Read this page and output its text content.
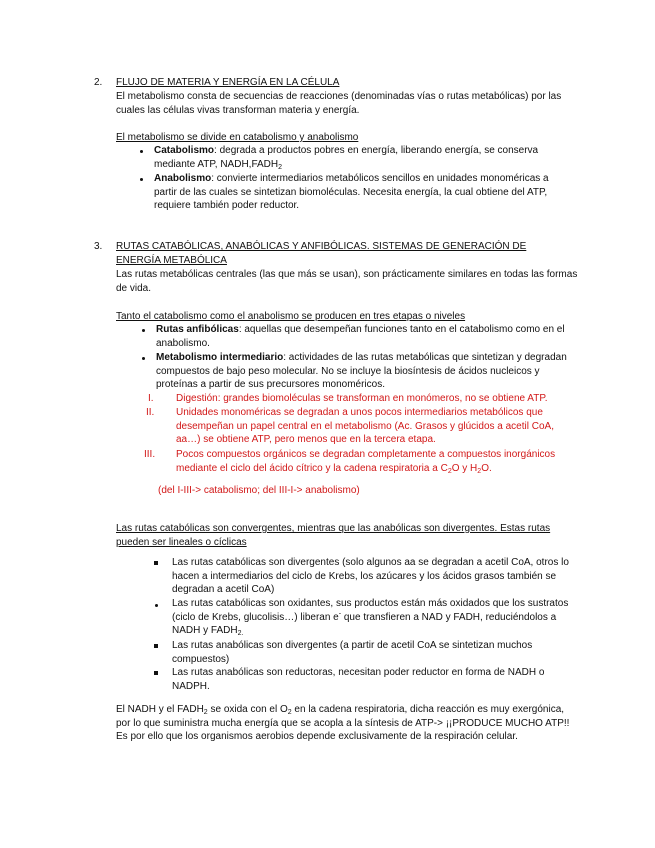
2. FLUJO DE MATERIA Y ENERGÍA EN LA CÉLULA
El metabolismo consta de secuencias de reacciones (denominadas vías o rutas metabólicas) por las cuales las células vivas transforman materia y energía.
El metabolismo se divide en catabolismo y anabolismo
Catabolismo: degrada a productos pobres en energía, liberando energía, se conserva mediante ATP, $NADH,FADH_2$
Anabolismo: convierte intermediarios metabólicos sencillos en unidades monoméricas a partir de las cuales se sintetizan biomoléculas. Necesita energía, la cual obtiene del ATP, requiere también poder reductor.
3. RUTAS CATABÓLICAS, ANABÓLICAS Y ANFIBÓLICAS. SISTEMAS DE GENERACIÓN DE ENERGÍA METABÓLICA
Las rutas metabólicas centrales (las que más se usan), son prácticamente similares en todas las formas de vida.
Tanto el catabolismo como el anabolismo se producen en tres etapas o niveles
Rutas anfibólicas: aquellas que desempeñan funciones tanto en el catabolismo como en el anabolismo.
Metabolismo intermediario: actividades de las rutas metabólicas que sintetizan y degradan compuestos de bajo peso molecular. No se incluye la biosíntesis de ácidos nucleicos y proteínas a partir de sus precursores monoméricos.
I. Digestión: grandes biomoléculas se transforman en monómeros, no se obtiene ATP.
II. Unidades monoméricas se degradan a unos pocos intermediarios metabólicos que desempeñan un papel central en el metabolismo (Ac. Grasos y glúcidos a acetil CoA, aa…) se obtiene ATP, pero menos que en la tercera etapa.
III. Pocos compuestos orgánicos se degradan completamente a compuestos inorgánicos mediante el ciclo del ácido cítrico y la cadena respiratoria a $C_2O$ y $H_2O$.
(del I-III-> catabolismo; del III-I-> anabolismo)
Las rutas catabólicas son convergentes, mientras que las anabólicas son divergentes. Estas rutas pueden ser lineales o cíclicas
Las rutas catabólicas son divergentes (solo algunos aa se degradan a acetil CoA, otros lo hacen a intermediarios del ciclo de Krebs, los azúcares y los ácidos grasos también se degradan a acetil CoA)
Las rutas catabólicas son oxidantes, sus productos están más oxidados que los sustratos (ciclo de Krebs, glucolisis…) liberan e- que transfieren a NAD y FADH, reduciéndolos a NADH y $FADH_{2.}$
Las rutas anabólicas son divergentes (a partir de acetil CoA se sintetizan muchos compuestos)
Las rutas anabólicas son reductoras, necesitan poder reductor en forma de NADH o NADPH.
El NADH y el $FADH_2$ se oxida con el $O_2$ en la cadena respiratoria, dicha reacción es muy exergónica, por lo que suministra mucha energía que se acopla a la síntesis de ATP-> ¡¡PRODUCE MUCHO ATP!! Es por ello que los organismos aerobios depende exclusivamente de la respiración celular.
